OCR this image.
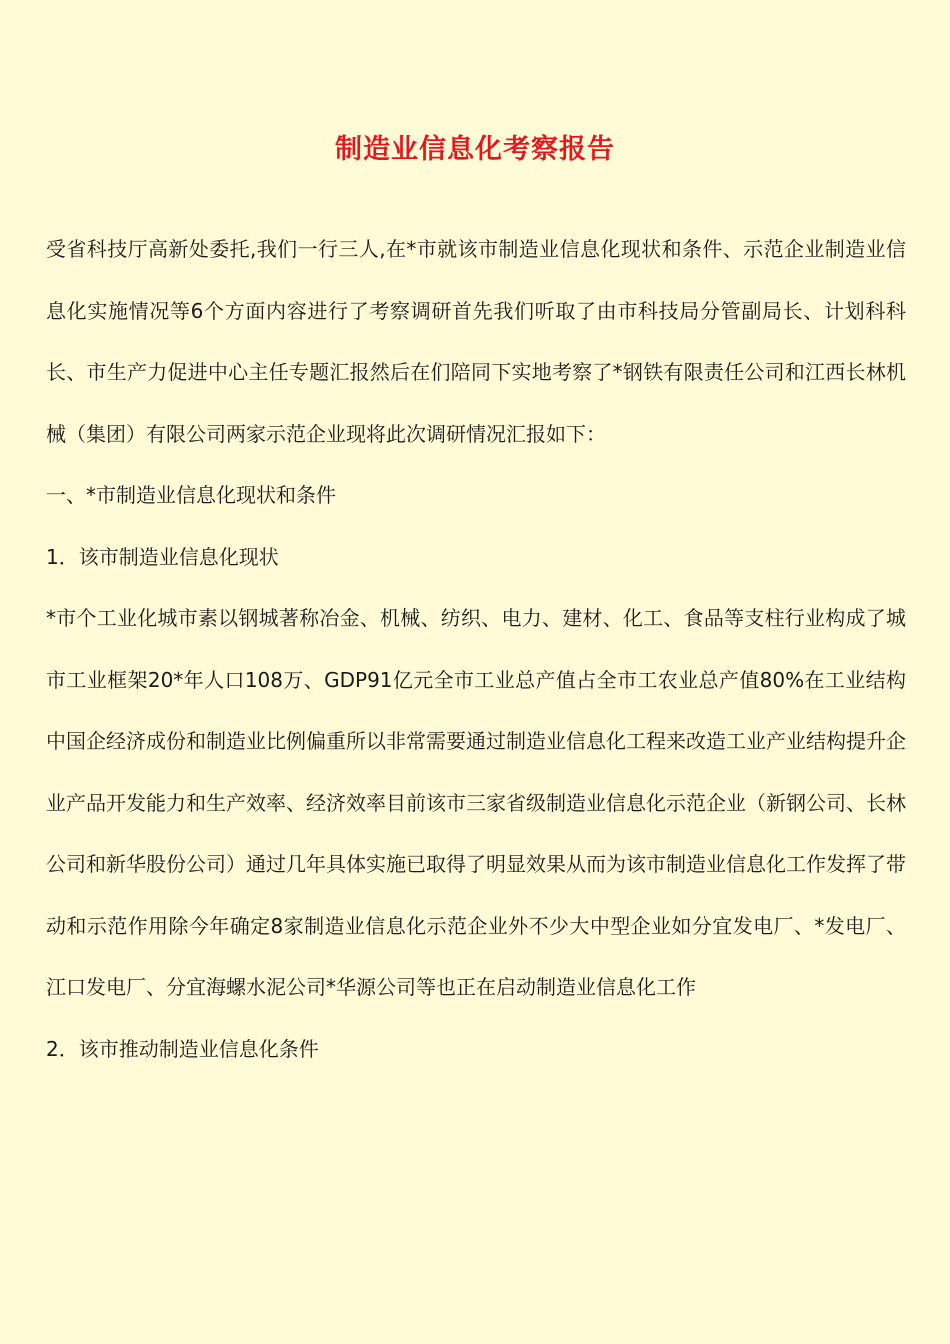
制造业信息化考察报告

受省科技厅高新处委托,我们一行三人,在*市就该市制造业信息化现状和条件、示范企业制造业信息化实施情况等6个方面内容进行了考察调研首先我们听取了由市科技局分管副局长、计划科科长、市生产力促进中心主任专题汇报然后在们陪同下实地考察了*钢铁有限责任公司和江西长林机械（集团）有限公司两家示范企业现将此次调研情况汇报如下：

一、*市制造业信息化现状和条件

1．该市制造业信息化现状

*市个工业化城市素以钢城著称冶金、机械、纺织、电力、建材、化工、食品等支柱行业构成了城市工业框架20*年人口108万、GDP91亿元全市工业总产值占全市工农业总产值80%在工业结构中国企经济成份和制造业比例偏重所以非常需要通过制造业信息化工程来改造工业产业结构提升企业产品开发能力和生产效率、经济效率目前该市三家省级制造业信息化示范企业（新钢公司、长林公司和新华股份公司）通过几年具体实施已取得了明显效果从而为该市制造业信息化工作发挥了带动和示范作用除今年确定8家制造业信息化示范企业外不少大中型企业如分宜发电厂、*发电厂、江口发电厂、分宜海螺水泥公司*华源公司等也正在启动制造业信息化工作

2．该市推动制造业信息化条件
